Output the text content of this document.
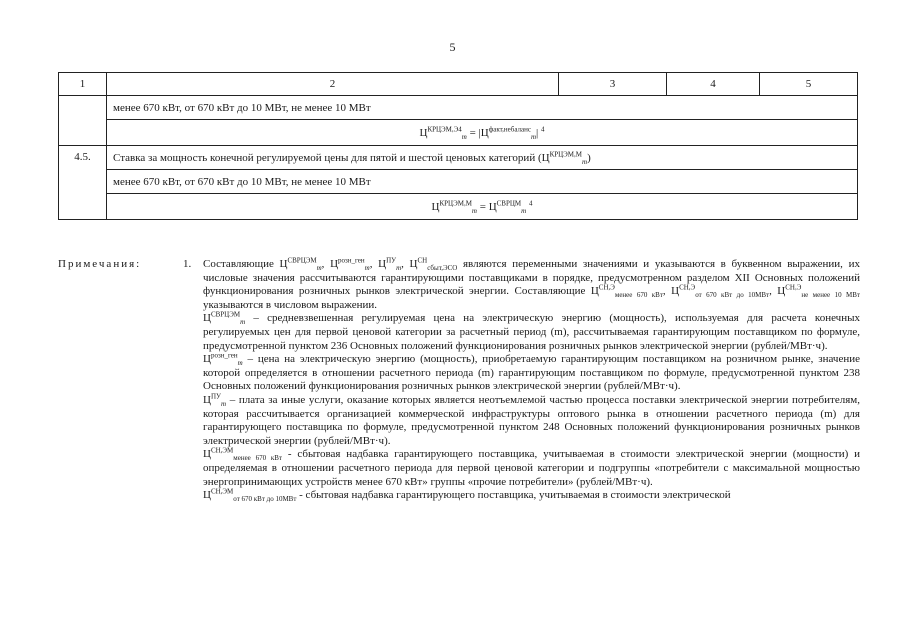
5
1	2	3	4	5
	менее 670 кВт, от 670 кВт до 10 МВт, не менее 10 МВт			
	$Ц^{КРЦЭМ,Э4}_m = |Ц^{факт,небаланс}_m|$ $^4$
4.5.	Ставка за мощность конечной регулируемой цены для пятой и шестой ценовых категорий $(Ц^{КРЦЭМ,М}_m)$			
	менее 670 кВт, от 670 кВт до 10 МВт, не менее 10 МВт			
	$Ц^{КРЦЭМ,М}_m = Ц^{СВРЦМ}_m$ $^4$
Примечания:	1. Составляющие $Ц^{СВРЦЭМ}_m$, $Ц^{розн\_ген}_m$, $Ц^{ПУ}_m$, $Ц^{СН}_{сбыт,ЭСО}$ являются переменными значениями и указываются в буквенном выражении, их числовые значения рассчитываются гарантирующими поставщиками в порядке, предусмотренном разделом XII Основных положений функционирования розничных рынков электрической энергии. Составляющие $Ц^{СН,Э}_{менее 670 кВт}$, $Ц^{СН,Э}_{от 670 кВт до 10МВт}$, $Ц^{СН,Э}_{не менее 10 МВт}$ указываются в числовом выражении.

$Ц^{СВРЦЭМ}_m$ – средневзвешенная регулируемая цена на электрическую энергию (мощность), используемая для расчета конечных регулируемых цен для первой ценовой категории за расчетный период (m), рассчитываемая гарантирующим поставщиком по формуле, предусмотренной пунктом 236 Основных положений функционирования розничных рынков электрической энергии (рублей/МВт·ч).

$Ц^{розн\_ген}_m$ – цена на электрическую энергию (мощность), приобретаемую гарантирующим поставщиком на розничном рынке, значение которой определяется в отношении расчетного периода (m) гарантирующим поставщиком по формуле, предусмотренной пунктом 238 Основных положений функционирования розничных рынков электрической энергии (рублей/МВт·ч).

$Ц^{ПУ}_m$ – плата за иные услуги, оказание которых является неотъемлемой частью процесса поставки электрической энергии потребителям, которая рассчитывается организацией коммерческой инфраструктуры оптового рынка в отношении расчетного периода (m) для гарантирующего поставщика по формуле, предусмотренной пунктом 248 Основных положений функционирования розничных рынков электрической энергии (рублей/МВт·ч).

$Ц^{СН,ЭМ}_{менее 670 кВт}$ - сбытовая надбавка гарантирующего поставщика, учитываемая в стоимости электрической энергии (мощности) и определяемая в отношении расчетного периода для первой ценовой категории и подгруппы «потребители с максимальной мощностью энергопринимающих устройств менее 670 кВт» группы «прочие потребители» (рублей/МВт·ч).

$Ц^{СН,ЭМ}_{от 670 кВт до 10МВт}$ - сбытовая надбавка гарантирующего поставщика, учитываемая в стоимости электрической
